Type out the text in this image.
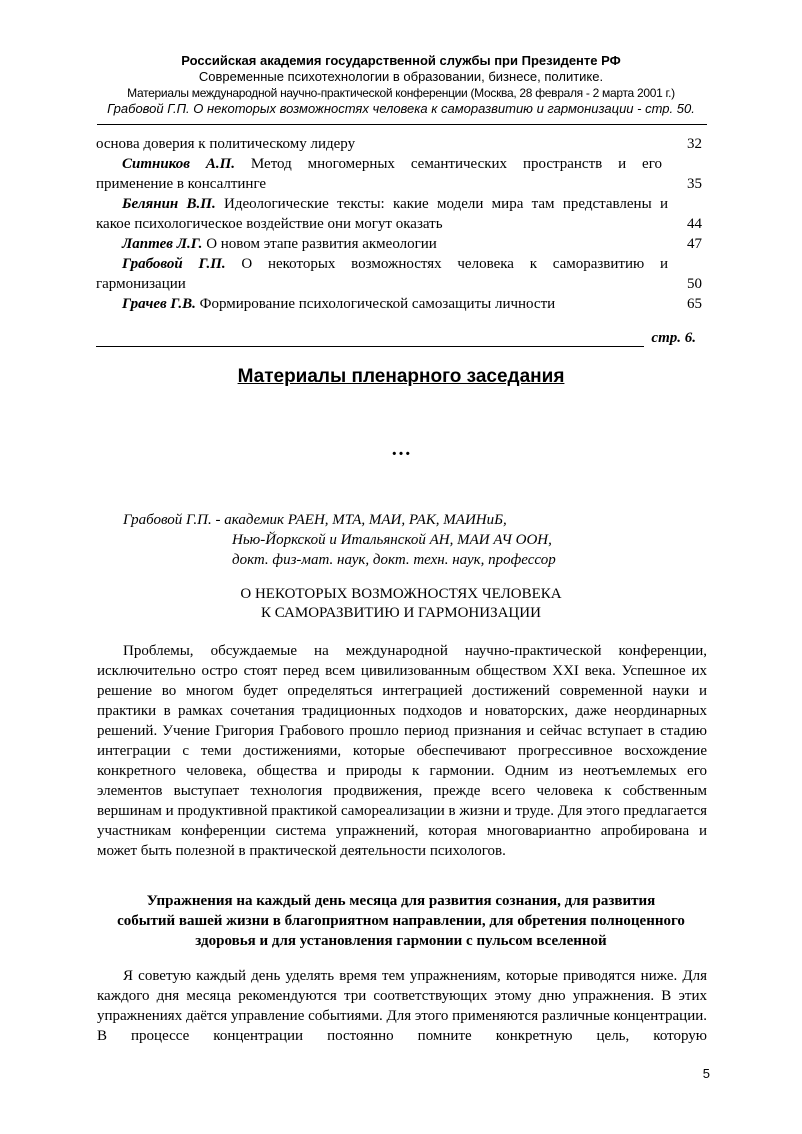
Российская академия государственной службы при Президенте РФ
Современные психотехнологии в образовании, бизнесе, политике.
Материалы международной научно-практической конференции (Москва, 28 февраля - 2 марта 2001 г.)
Грабовой Г.П. О некоторых возможностях человека к саморазвитию и гармонизации - стр. 50.
основа доверия к политическому лидеру	32
Ситников А.П. Метод многомерных семантических пространств и его
применение в консалтинге	35
Белянин В.П. Идеологические тексты: какие модели мира там представлены и
какое психологическое воздействие они могут оказать	44
Лаптев Л.Г. О новом этапе развития акмеологии	47
Грабовой Г.П. О некоторых возможностях человека к саморазвитию и
гармонизации	50
Грачев Г.В. Формирование психологической самозащиты личности	65
стр. 6.
Материалы пленарного заседания
…
Грабовой Г.П. - академик РАЕН, МТА, МАИ, РАК, МАИНиБ,
Нью-Йоркской и Итальянской АН, МАИ АЧ ООН,
докт. физ-мат. наук, докт. техн. наук, профессор
О НЕКОТОРЫХ ВОЗМОЖНОСТЯХ ЧЕЛОВЕКА
К САМОРАЗВИТИЮ И ГАРМОНИЗАЦИИ

Проблемы, обсуждаемые на международной научно-практической конференции, исключительно остро стоят перед всем цивилизованным обществом XXI века. Успешное их решение во многом будет определяться интеграцией достижений современной науки и практики в рамках сочетания традиционных подходов и новаторских, даже неординарных решений. Учение Григория Грабового прошло период признания и сейчас вступает в стадию интеграции с теми достижениями, которые обеспечивают прогрессивное восхождение конкретного человека, общества и природы к гармонии. Одним из неотъемлемых его элементов выступает технология продвижения, прежде всего человека к собственным вершинам и продуктивной практикой самореализации в жизни и труде. Для этого предлагается участникам конференции система упражнений, которая многовариантно апробирована и может быть полезной в практической деятельности психологов.

Упражнения на каждый день месяца для развития сознания, для развития
событий вашей жизни в благоприятном направлении, для обретения полноценного
здоровья и для установления гармонии с пульсом вселенной

Я советую каждый день уделять время тем упражнениям, которые приводятся ниже. Для каждого дня месяца рекомендуются три соответствующих этому дню упражнения. В этих упражнениях даётся управление событиями. Для этого применяются различные концентрации. В процессе концентрации постоянно помните конкретную цель, которую

5
